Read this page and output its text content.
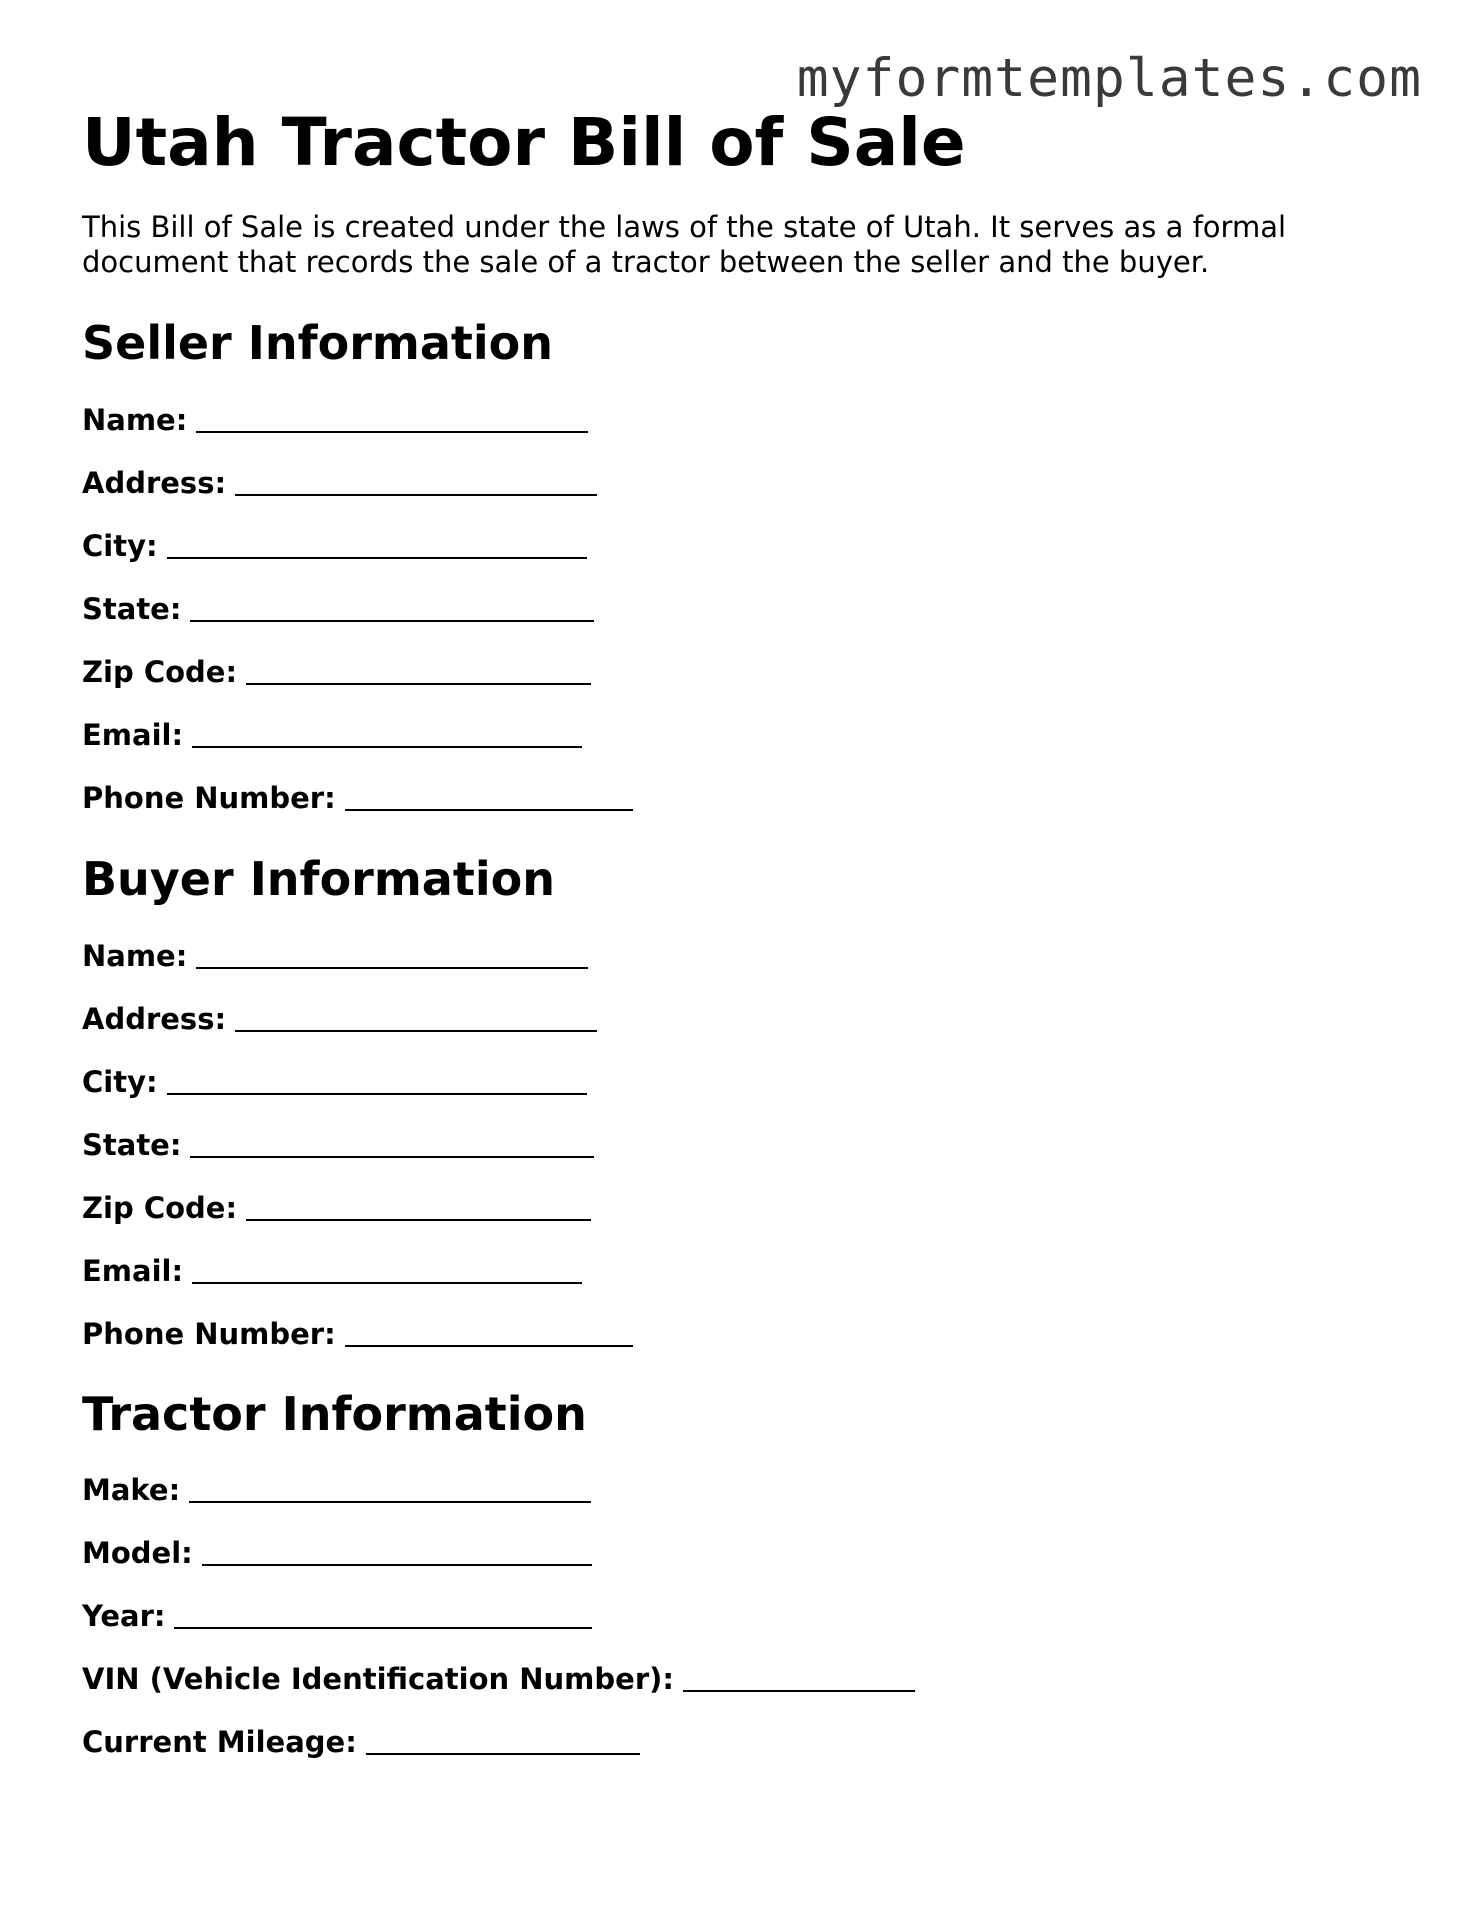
myformtemplates.com
Utah Tractor Bill of Sale

This Bill of Sale is created under the laws of the state of Utah. It serves as a formal document that records the sale of a tractor between the seller and the buyer.

Seller Information
Name:
Address:
City:
State:
Zip Code:
Email:
Phone Number:
Buyer Information
Name:
Address:
City:
State:
Zip Code:
Email:
Phone Number:
Tractor Information
Make:
Model:
Year:
VIN (Vehicle Identification Number):
Current Mileage:
